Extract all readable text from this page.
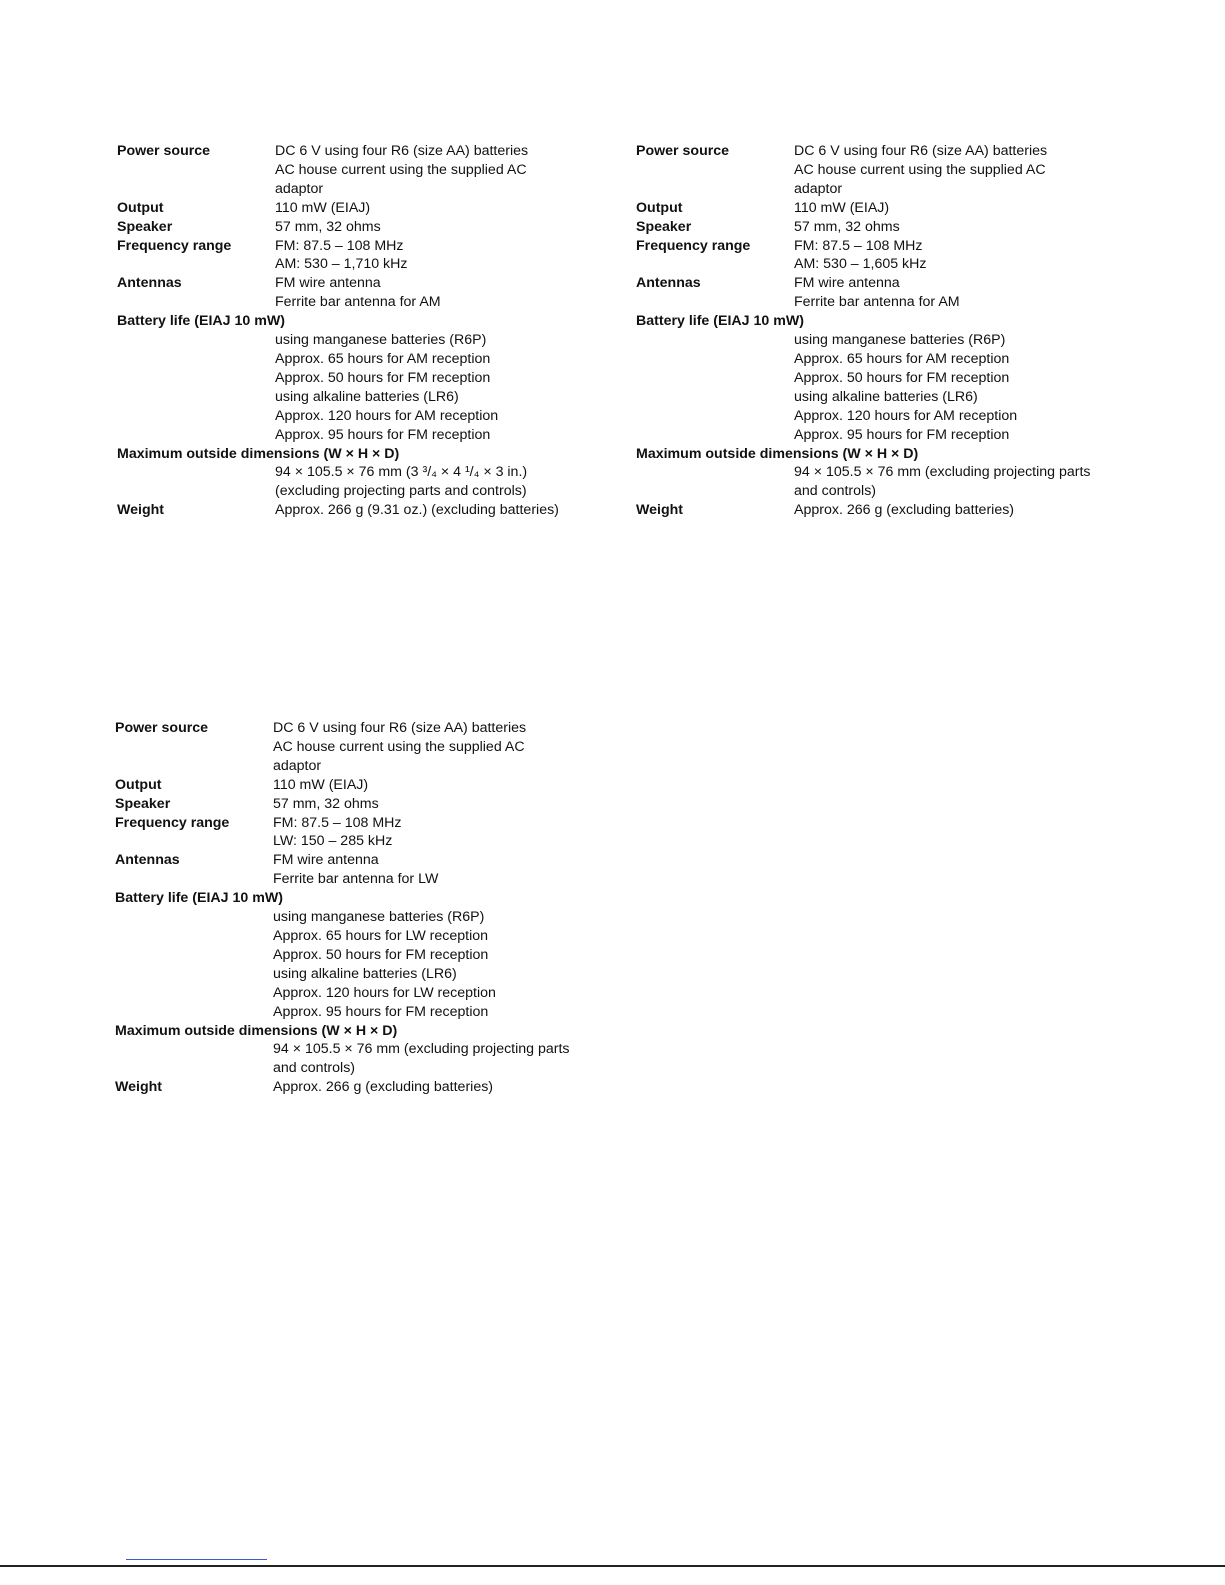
Power source	DC 6 V using four R6 (size AA) batteries
AC house current using the supplied AC
adaptor
Output	110 mW (EIAJ)
Speaker	57 mm, 32 ohms
Frequency range	FM: 87.5 – 108 MHz
AM: 530 – 1,710 kHz
Antennas	FM wire antenna
Ferrite bar antenna for AM
Battery life (EIAJ 10 mW)
using manganese batteries (R6P)
Approx. 65 hours for AM reception
Approx. 50 hours for FM reception
using alkaline batteries (LR6)
Approx. 120 hours for AM reception
Approx. 95 hours for FM reception
Maximum outside dimensions (W × H × D)
94 × 105.5 × 76 mm (3 ³/₄ × 4 ¹/₄ × 3 in.)
(excluding projecting parts and controls)
Weight	Approx. 266 g (9.31 oz.) (excluding batteries)
Power source	DC 6 V using four R6 (size AA) batteries
AC house current using the supplied AC
adaptor
Output	110 mW (EIAJ)
Speaker	57 mm, 32 ohms
Frequency range	FM: 87.5 – 108 MHz
AM: 530 – 1,605 kHz
Antennas	FM wire antenna
Ferrite bar antenna for AM
Battery life (EIAJ 10 mW)
using manganese batteries (R6P)
Approx. 65 hours for AM reception
Approx. 50 hours for FM reception
using alkaline batteries (LR6)
Approx. 120 hours for AM reception
Approx. 95 hours for FM reception
Maximum outside dimensions (W × H × D)
94 × 105.5 × 76 mm (excluding projecting parts
and controls)
Weight	Approx. 266 g (excluding batteries)
Power source	DC 6 V using four R6 (size AA) batteries
AC house current using the supplied AC
adaptor
Output	110 mW (EIAJ)
Speaker	57 mm, 32 ohms
Frequency range	FM: 87.5 – 108 MHz
LW: 150 – 285 kHz
Antennas	FM wire antenna
Ferrite bar antenna for LW
Battery life (EIAJ 10 mW)
using manganese batteries (R6P)
Approx. 65 hours for LW reception
Approx. 50 hours for FM reception
using alkaline batteries (LR6)
Approx. 120 hours for LW reception
Approx. 95 hours for FM reception
Maximum outside dimensions (W × H × D)
94 × 105.5 × 76 mm (excluding projecting parts
and controls)
Weight	Approx. 266 g (excluding batteries)
